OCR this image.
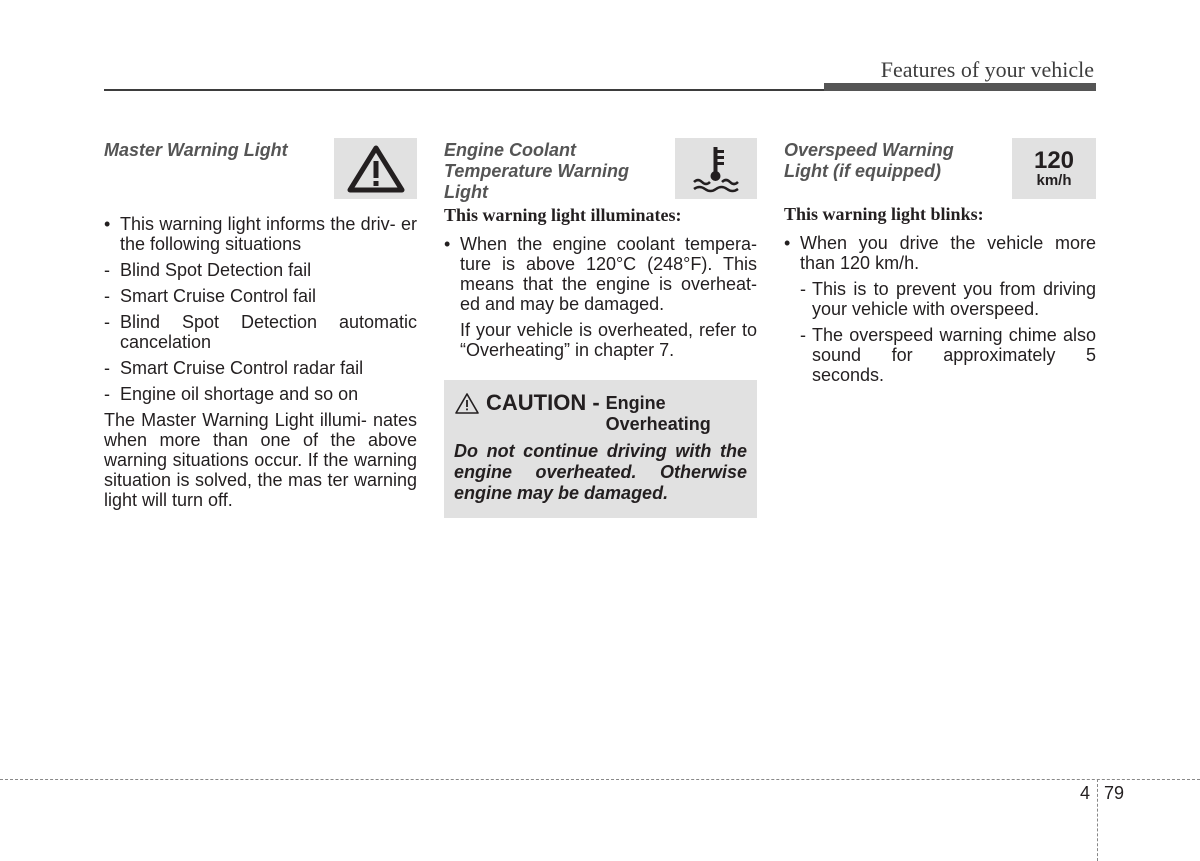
Features of your vehicle
Master Warning Light
• This warning light informs the driv- er the following situations
- Blind Spot Detection fail
- Smart Cruise Control fail
- Blind Spot Detection automatic cancelation
- Smart Cruise Control radar fail
- Engine oil shortage and so on

The Master Warning Light illumi- nates when more than one of the above warning situations occur. If the warning situation is solved, the mas ter warning light will turn off.

Engine Coolant
Temperature Warning
Light
This warning light illuminates:
• When the engine coolant tempera- ture is above 120°C (248°F). This means that the engine is overheat- ed and may be damaged.

If your vehicle is overheated, refer to “Overheating” in chapter 7.

CAUTION - Engine
Overheating

Do not continue driving with the engine overheated. Otherwise engine may be damaged.

Overspeed Warning
Light (if equipped)	120
km/h
This warning light blinks:
• When you drive the vehicle more than 120 km/h.
- This is to prevent you from driving your vehicle with overspeed.
- The overspeed warning chime also sound for approximately 5 seconds.
4 79
